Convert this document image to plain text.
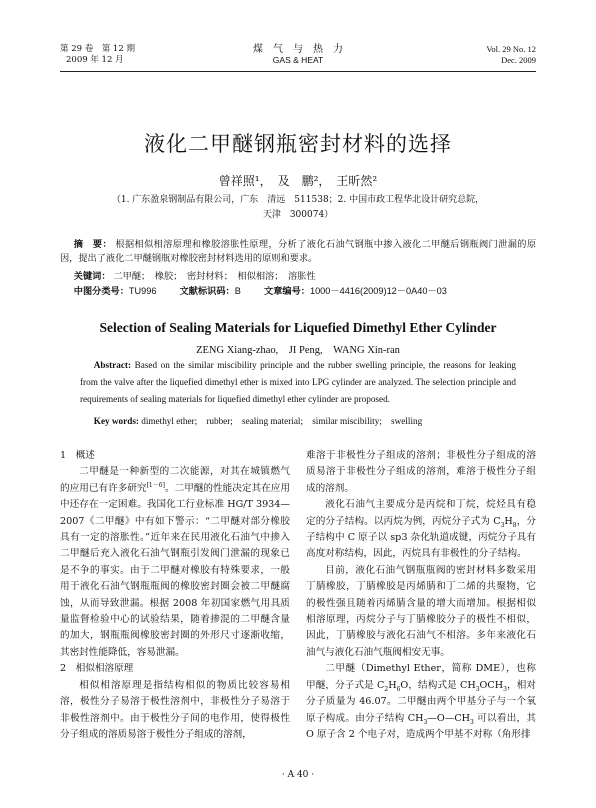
第 29 卷　第 12 期
2009 年 12 月
煤　气　与　热　力
GAS & HEAT
Vol. 29 No. 12
Dec. 2009
液化二甲醚钢瓶密封材料的选择
曾祥照¹，　及　鹏²，　王昕然²
（1. 广东盈泉钢制品有限公司，广东　清远　511538；2. 中国市政工程华北设计研究总院，
天津　300074）
摘　要： 根据相似相溶原理和橡胶溶胀性原理，分析了液化石油气钢瓶中掺入液化二甲醚后钢瓶阀门泄漏的原因，提出了液化二甲醚钢瓶对橡胶密封材料选用的原则和要求。
关键词： 二甲醚；　橡胶；　密封材料；　相似相溶；　溶胀性
中图分类号：TU996	文献标识码：B	文章编号：1000－4416(2009)12－0A40－03
Selection of Sealing Materials for Liquefied Dimethyl Ether Cylinder
ZENG Xiang-zhao,　JI Peng,　WANG Xin-ran
Abstract: Based on the similar miscibility principle and the rubber swelling principle, the reasons for leaking from the valve after the liquefied dimethyl ether is mixed into LPG cylinder are analyzed. The selection principle and requirements of sealing materials for liquefied dimethyl ether cylinder are proposed.
Key words: dimethyl ether;　rubber;　sealing material;　similar miscibility;　swelling
1　概述

二甲醚是一种新型的二次能源，对其在城镇燃气的应用已有许多研究[1－6]。二甲醚的性能决定其在应用中还存在一定困难。我国化工行业标准 HG/T 3934—2007《二甲醚》中有如下警示：“二甲醚对部分橡胶具有一定的溶胀性。”近年来在民用液化石油气中掺入二甲醚后充入液化石油气钢瓶引发阀门泄漏的现象已是不争的事实。由于二甲醚对橡胶有特殊要求，一般用于液化石油气钢瓶瓶阀的橡胶密封圈会被二甲醚腐蚀，从而导致泄漏。根据 2008 年初国家燃气用具质量监督检验中心的试验结果，随着掺混的二甲醚含量的加大，钢瓶瓶阀橡胶密封圈的外形尺寸逐渐收缩，其密封性能降低，容易泄漏。

2　相似相溶原理

相似相溶原理是指结构相似的物质比较容易相溶，极性分子易溶于极性溶剂中，非极性分子易溶于非极性溶剂中。由于极性分子间的电作用，使得极性分子组成的溶质易溶于极性分子组成的溶剂，

难溶于非极性分子组成的溶剂；非极性分子组成的溶质易溶于非极性分子组成的溶剂，难溶于极性分子组成的溶剂。

液化石油气主要成分是丙烷和丁烷，烷烃具有稳定的分子结构。以丙烷为例，丙烷分子式为 $C_3H_8$，分子结构中 C 原子以 sp3 杂化轨道成键，丙烷分子具有高度对称结构，因此，丙烷具有非极性的分子结构。

目前，液化石油气钢瓶瓶阀的密封材料多数采用丁腈橡胶，丁腈橡胶是丙烯腈和丁二烯的共聚物，它的极性强且随着丙烯腈含量的增大而增加。根据相似相溶原理，丙烷分子与丁腈橡胶分子的极性不相似，因此，丁腈橡胶与液化石油气不相溶。多年来液化石油气与液化石油气瓶阀相安无事。

二甲醚（Dimethyl Ether，简称 DME），也称甲醚，分子式是 $C_2H_6O$，结构式是 $CH_3OCH_3$，相对分子质量为 46.07。二甲醚由两个甲基分子与一个氧原子构成。由分子结构 $CH_3—O—CH_3$ 可以看出，其 O 原子含 2 个电子对，造成两个甲基不对称（角形排

· A 40 ·
